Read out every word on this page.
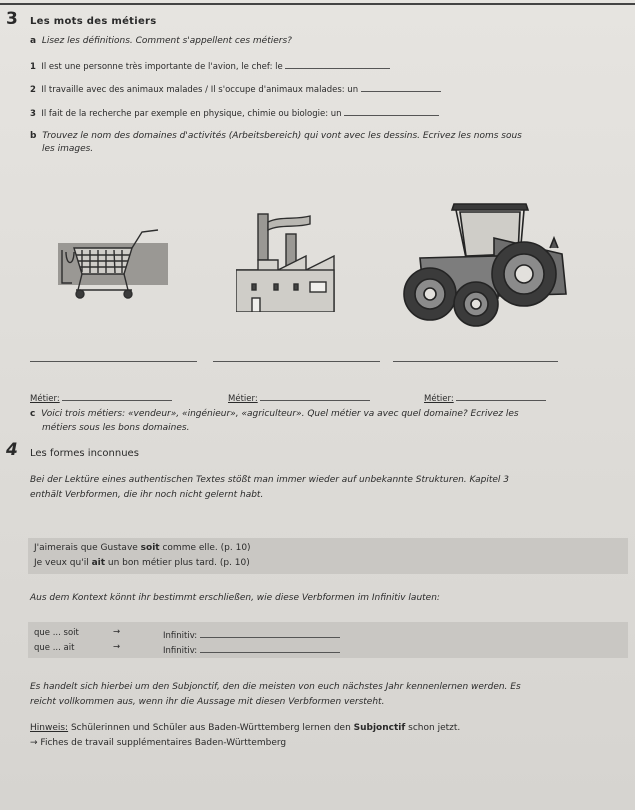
3 Les mots des métiers
a Lisez les définitions. Comment s'appellent ces métiers?
1 Il est une personne très importante de l'avion, le chef: le
2 Il travaille avec des animaux malades / Il s'occupe d'animaux malades: un
3 Il fait de la recherche par exemple en physique, chimie ou biologie: un
b Trouvez le nom des domaines d'activités (Arbeitsbereich) qui vont avec les dessins. Ecrivez les noms sous
les images.
Métier:	Métier:	Métier:
c Voici trois métiers: «vendeur», «ingénieur», «agriculteur». Quel métier va avec quel domaine? Ecrivez les
métiers sous les bons domaines.
4 Les formes inconnues
Bei der Lektüre eines authentischen Textes stößt man immer wieder auf unbekannte Strukturen. Kapitel 3
enthält Verbformen, die ihr noch nicht gelernt habt.
J'aimerais que Gustave soit comme elle. (p. 10)
Je veux qu'il ait un bon métier plus tard. (p. 10)
Aus dem Kontext könnt ihr bestimmt erschließen, wie diese Verbformen im Infinitiv lauten:
que ... soit	→	Infinitiv:
que ... ait	→	Infinitiv:
Es handelt sich hierbei um den Subjonctif, den die meisten von euch nächstes Jahr kennenlernen werden. Es
reicht vollkommen aus, wenn ihr die Aussage mit diesen Verbformen versteht.
Hinweis: Schülerinnen und Schüler aus Baden-Württemberg lernen den Subjonctif schon jetzt.
→ Fiches de travail supplémentaires Baden-Württemberg
